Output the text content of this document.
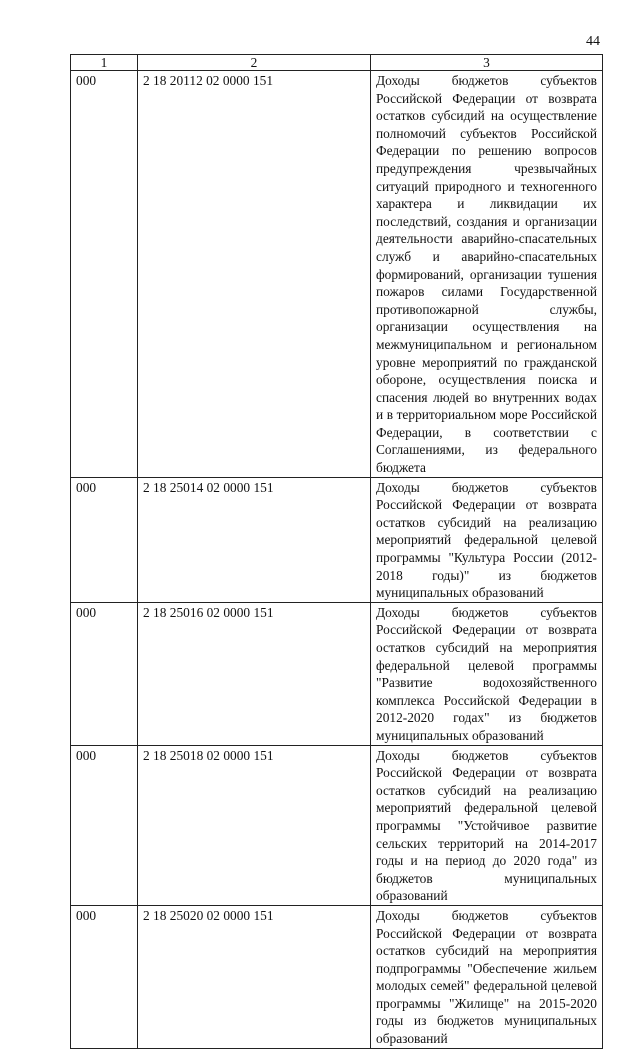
44
1	2	3
000	2 18 20112 02 0000 151	Доходы бюджетов субъектов Российской Федерации от возврата остатков субсидий на осуществление полномочий субъектов Российской Федерации по решению вопросов предупреждения чрезвычайных ситуаций природного и техногенного характера и ликвидации их последствий, создания и организации деятельности аварийно-спасательных служб и аварийно-спасательных формирований, организации тушения пожаров силами Государственной противопожарной службы, организации осуществления на межмуниципальном и региональном уровне мероприятий по гражданской обороне, осуществления поиска и спасения людей во внутренних водах и в территориальном море Российской Федерации, в соответствии с Соглашениями, из федерального бюджета
000	2 18 25014 02 0000 151	Доходы бюджетов субъектов Российской Федерации от возврата остатков субсидий на реализацию мероприятий федеральной целевой программы "Культура России (2012-2018 годы)" из бюджетов муниципальных образований
000	2 18 25016 02 0000 151	Доходы бюджетов субъектов Российской Федерации от возврата остатков субсидий на мероприятия федеральной целевой программы "Развитие водохозяйственного комплекса Российской Федерации в 2012-2020 годах" из бюджетов муниципальных образований
000	2 18 25018 02 0000 151	Доходы бюджетов субъектов Российской Федерации от возврата остатков субсидий на реализацию мероприятий федеральной целевой программы "Устойчивое развитие сельских территорий на 2014-2017 годы и на период до 2020 года" из бюджетов муниципальных образований
000	2 18 25020 02 0000 151	Доходы бюджетов субъектов Российской Федерации от возврата остатков субсидий на мероприятия подпрограммы "Обеспечение жильем молодых семей" федеральной целевой программы "Жилище" на 2015-2020 годы из бюджетов муниципальных образований
